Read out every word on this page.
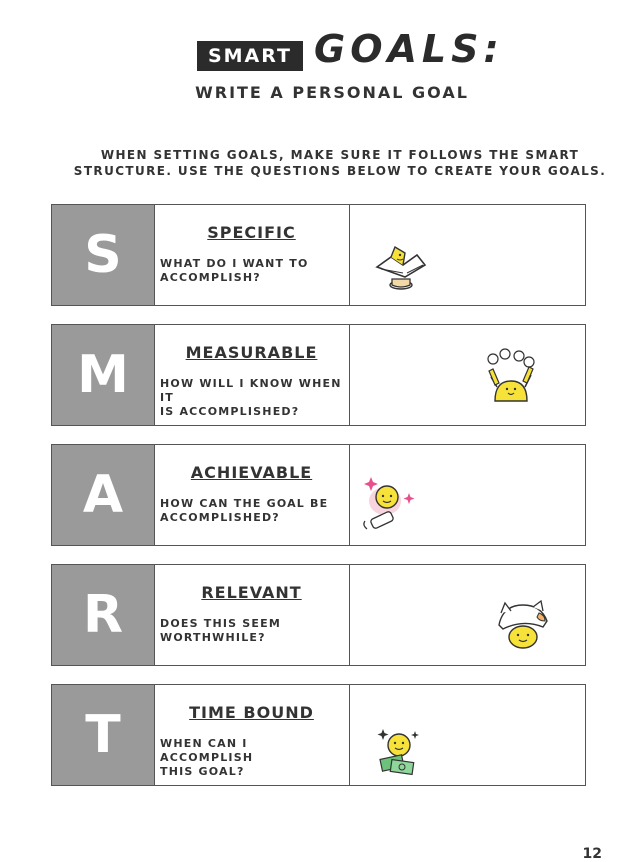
SMART GOALS:
WRITE A PERSONAL GOAL
WHEN SETTING GOALS, MAKE SURE IT FOLLOWS THE SMART
STRUCTURE. USE THE QUESTIONS BELOW TO CREATE YOUR GOALS.
S	SPECIFIC
WHAT DO I WANT TO
ACCOMPLISH?
M	MEASURABLE
HOW WILL I KNOW WHEN IT
IS ACCOMPLISHED?
A	ACHIEVABLE
HOW CAN THE GOAL BE
ACCOMPLISHED?
R	RELEVANT
DOES THIS SEEM
WORTHWHILE?
T	TIME BOUND
WHEN CAN I ACCOMPLISH
THIS GOAL?
12
